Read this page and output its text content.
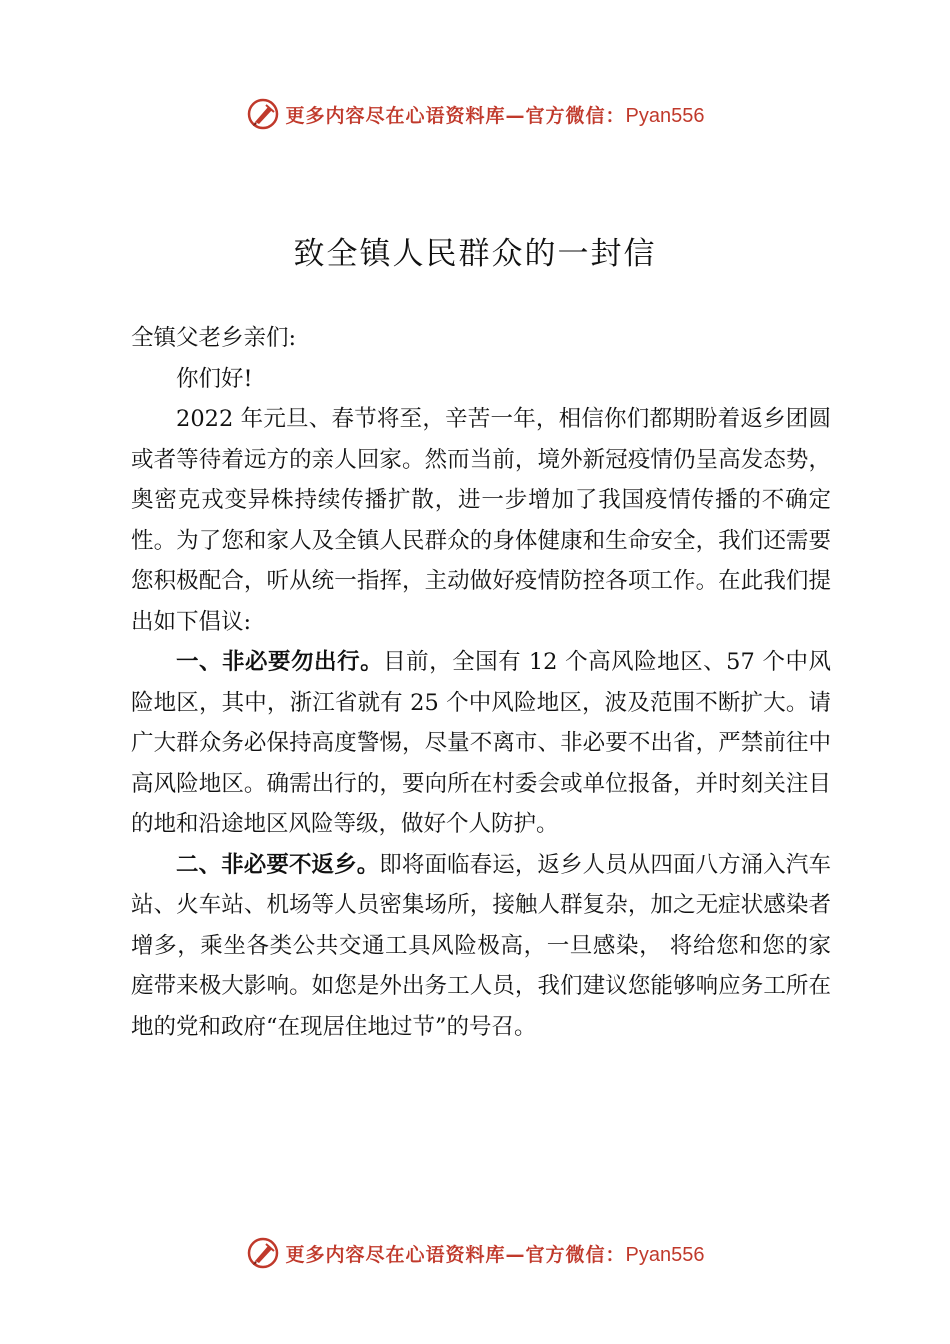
更多内容尽在心语资料库—官方微信：Pyan556
致全镇人民群众的一封信

全镇父老乡亲们:

你们好!

2022 年元旦、春节将至，辛苦一年，相信你们都期盼着返乡团圆或者等待着远方的亲人回家。然而当前，境外新冠疫情仍呈高发态势，奥密克戎变异株持续传播扩散，进一步增加了我国疫情传播的不确定性。为了您和家人及全镇人民群众的身体健康和生命安全，我们还需要您积极配合，听从统一指挥，主动做好疫情防控各项工作。在此我们提出如下倡议:

一、非必要勿出行。目前，全国有 12 个高风险地区、57 个中风险地区，其中，浙江省就有 25 个中风险地区，波及范围不断扩大。请广大群众务必保持高度警惕，尽量不离市、非必要不出省，严禁前往中高风险地区。确需出行的，要向所在村委会或单位报备，并时刻关注目的地和沿途地区风险等级，做好个人防护。

二、非必要不返乡。即将面临春运，返乡人员从四面八方涌入汽车站、火车站、机场等人员密集场所，接触人群复杂，加之无症状感染者增多，乘坐各类公共交通工具风险极高，一旦感染， 将给您和您的家庭带来极大影响。如您是外出务工人员，我们建议您能够响应务工所在地的党和政府“在现居住地过节”的号召。

更多内容尽在心语资料库—官方微信：Pyan556
